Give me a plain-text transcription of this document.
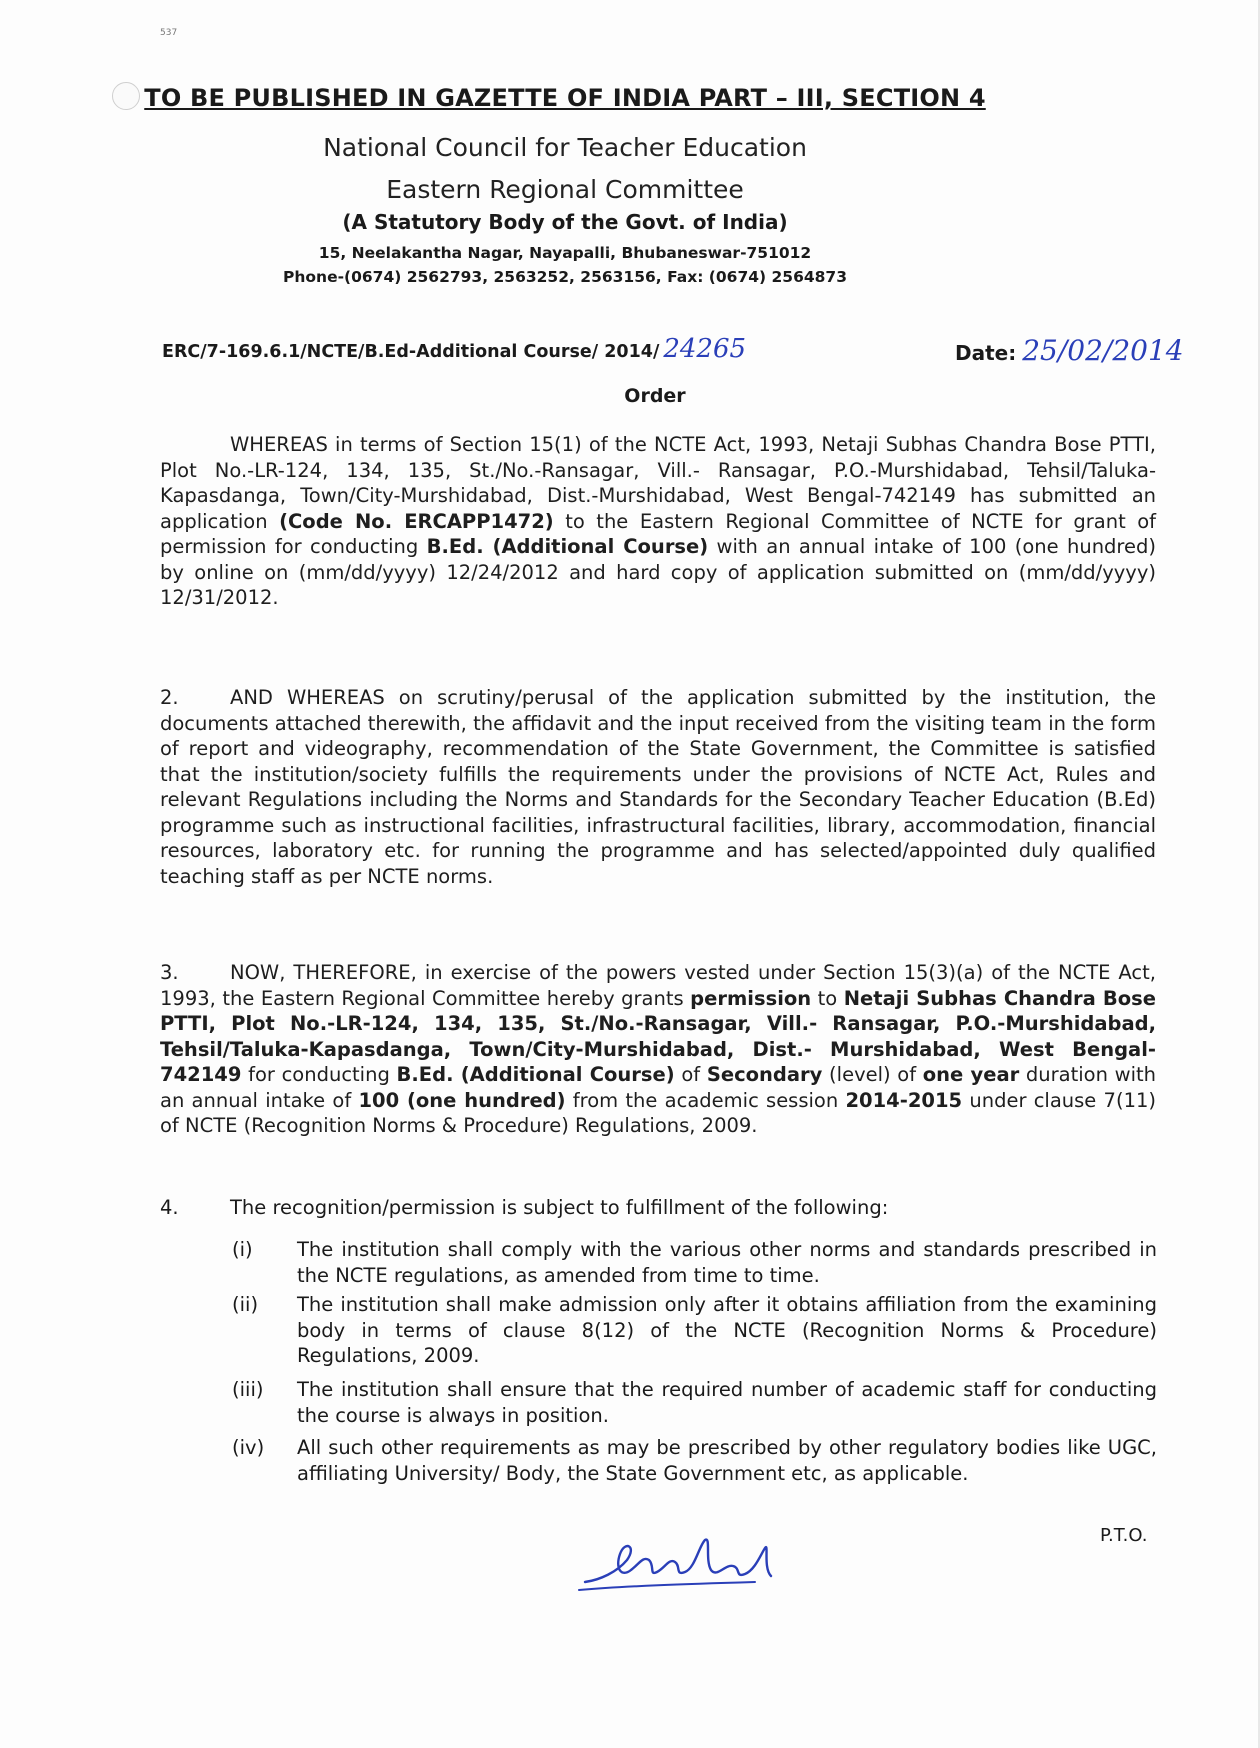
537
TO BE PUBLISHED IN GAZETTE OF INDIA PART – III, SECTION 4
National Council for Teacher Education
Eastern Regional Committee
(A Statutory Body of the Govt. of India)
15, Neelakantha Nagar, Nayapalli, Bhubaneswar-751012
Phone-(0674) 2562793, 2563252, 2563156, Fax: (0674) 2564873
ERC/7-169.6.1/NCTE/B.Ed-Additional Course/ 2014/ 24265	Date: 25/02/2014
Order
WHEREAS in terms of Section 15(1) of the NCTE Act, 1993, Netaji Subhas Chandra Bose PTTI, Plot No.-LR-124, 134, 135, St./No.-Ransagar, Vill.- Ransagar, P.O.-Murshidabad, Tehsil/Taluka-Kapasdanga, Town/City-Murshidabad, Dist.-Murshidabad, West Bengal-742149 has submitted an application (Code No. ERCAPP1472) to the Eastern Regional Committee of NCTE for grant of permission for conducting B.Ed. (Additional Course) with an annual intake of 100 (one hundred) by online on (mm/dd/yyyy) 12/24/2012 and hard copy of application submitted on (mm/dd/yyyy) 12/31/2012.
2.	AND WHEREAS on scrutiny/perusal of the application submitted by the institution, the documents attached therewith, the affidavit and the input received from the visiting team in the form of report and videography, recommendation of the State Government, the Committee is satisfied that the institution/society fulfills the requirements under the provisions of NCTE Act, Rules and relevant Regulations including the Norms and Standards for the Secondary Teacher Education (B.Ed) programme such as instructional facilities, infrastructural facilities, library, accommodation, financial resources, laboratory etc. for running the programme and has selected/appointed duly qualified teaching staff as per NCTE norms.
3.	NOW, THEREFORE, in exercise of the powers vested under Section 15(3)(a) of the NCTE Act, 1993, the Eastern Regional Committee hereby grants permission to Netaji Subhas Chandra Bose PTTI, Plot No.-LR-124, 134, 135, St./No.-Ransagar, Vill.- Ransagar, P.O.-Murshidabad, Tehsil/Taluka-Kapasdanga, Town/City-Murshidabad, Dist.- Murshidabad, West Bengal-742149 for conducting B.Ed. (Additional Course) of Secondary (level) of one year duration with an annual intake of 100 (one hundred) from the academic session 2014-2015 under clause 7(11) of NCTE (Recognition Norms & Procedure) Regulations, 2009.
4.	The recognition/permission is subject to fulfillment of the following:
(i)	The institution shall comply with the various other norms and standards prescribed in the NCTE regulations, as amended from time to time.
(ii)	The institution shall make admission only after it obtains affiliation from the examining body in terms of clause 8(12) of the NCTE (Recognition Norms & Procedure) Regulations, 2009.
(iii)	The institution shall ensure that the required number of academic staff for conducting the course is always in position.
(iv)	All such other requirements as may be prescribed by other regulatory bodies like UGC, affiliating University/ Body, the State Government etc, as applicable.
P.T.O.
